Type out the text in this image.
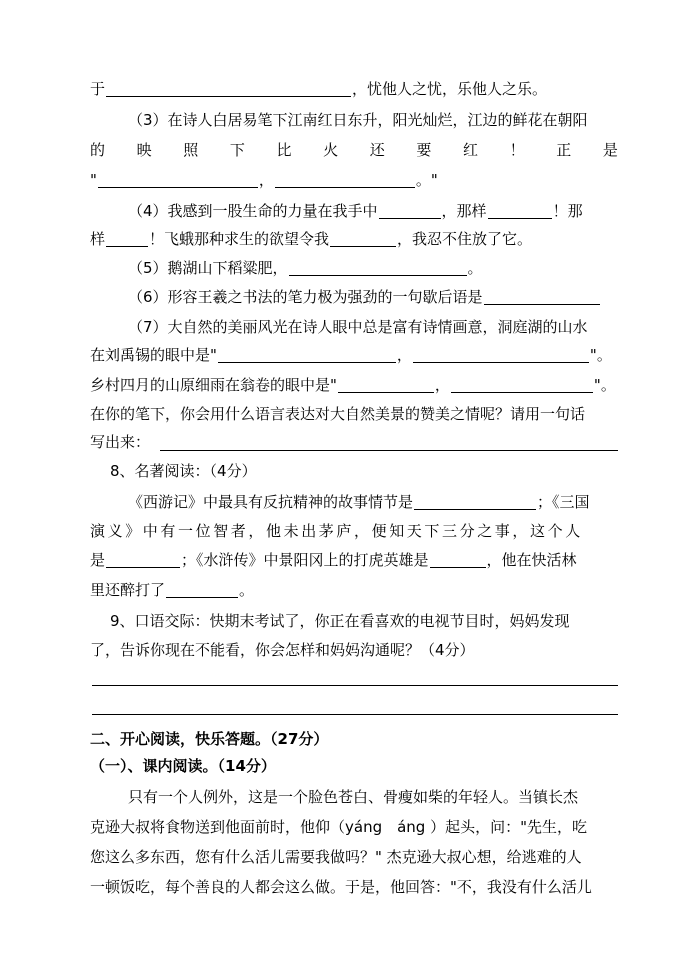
于	，忧他人之忧，乐他人之乐。
（3）在诗人白居易笔下江南红日东升，阳光灿烂，江边的鲜花在朝阳
的 映 照 下 比 火 还 要 红 ！ 正 是
"	，	。"
（4）我感到一股生命的力量在我手中	，那样	！那
样	！飞蛾那种求生的欲望令我	，我忍不住放了它。
（5）鹅湖山下稻粱肥，	。
（6）形容王羲之书法的笔力极为强劲的一句歇后语是
（7）大自然的美丽风光在诗人眼中总是富有诗情画意，洞庭湖的山水
在刘禹锡的眼中是"	，	"。
乡村四月的山原细雨在翁卷的眼中是"	，	"。
在你的笔下，你会用什么语言表达对大自然美景的赞美之情呢？请用一句话
写出来：
8、名著阅读：（4分）
《西游记》中最具有反抗精神的故事情节是	；《三国
演义》中有一位智者，他未出茅庐，便知天下三分之事，这个人
是	；《水浒传》中景阳冈上的打虎英雄是	，他在快活林
里还醉打了	。
9、口语交际：快期末考试了，你正在看喜欢的电视节目时，妈妈发现
了，告诉你现在不能看，你会怎样和妈妈沟通呢？（4分）
二、开心阅读，快乐答题。（27分）
（一）、课内阅读。（14分）
只有一个人例外，这是一个脸色苍白、骨瘦如柴的年轻人。当镇长杰
克逊大叔将食物送到他面前时，他仰（yáng　áng ）起头，问："先生，吃
您这么多东西，您有什么活儿需要我做吗？" 杰克逊大叔心想，给逃难的人
一顿饭吃，每个善良的人都会这么做。于是，他回答："不，我没有什么活儿
